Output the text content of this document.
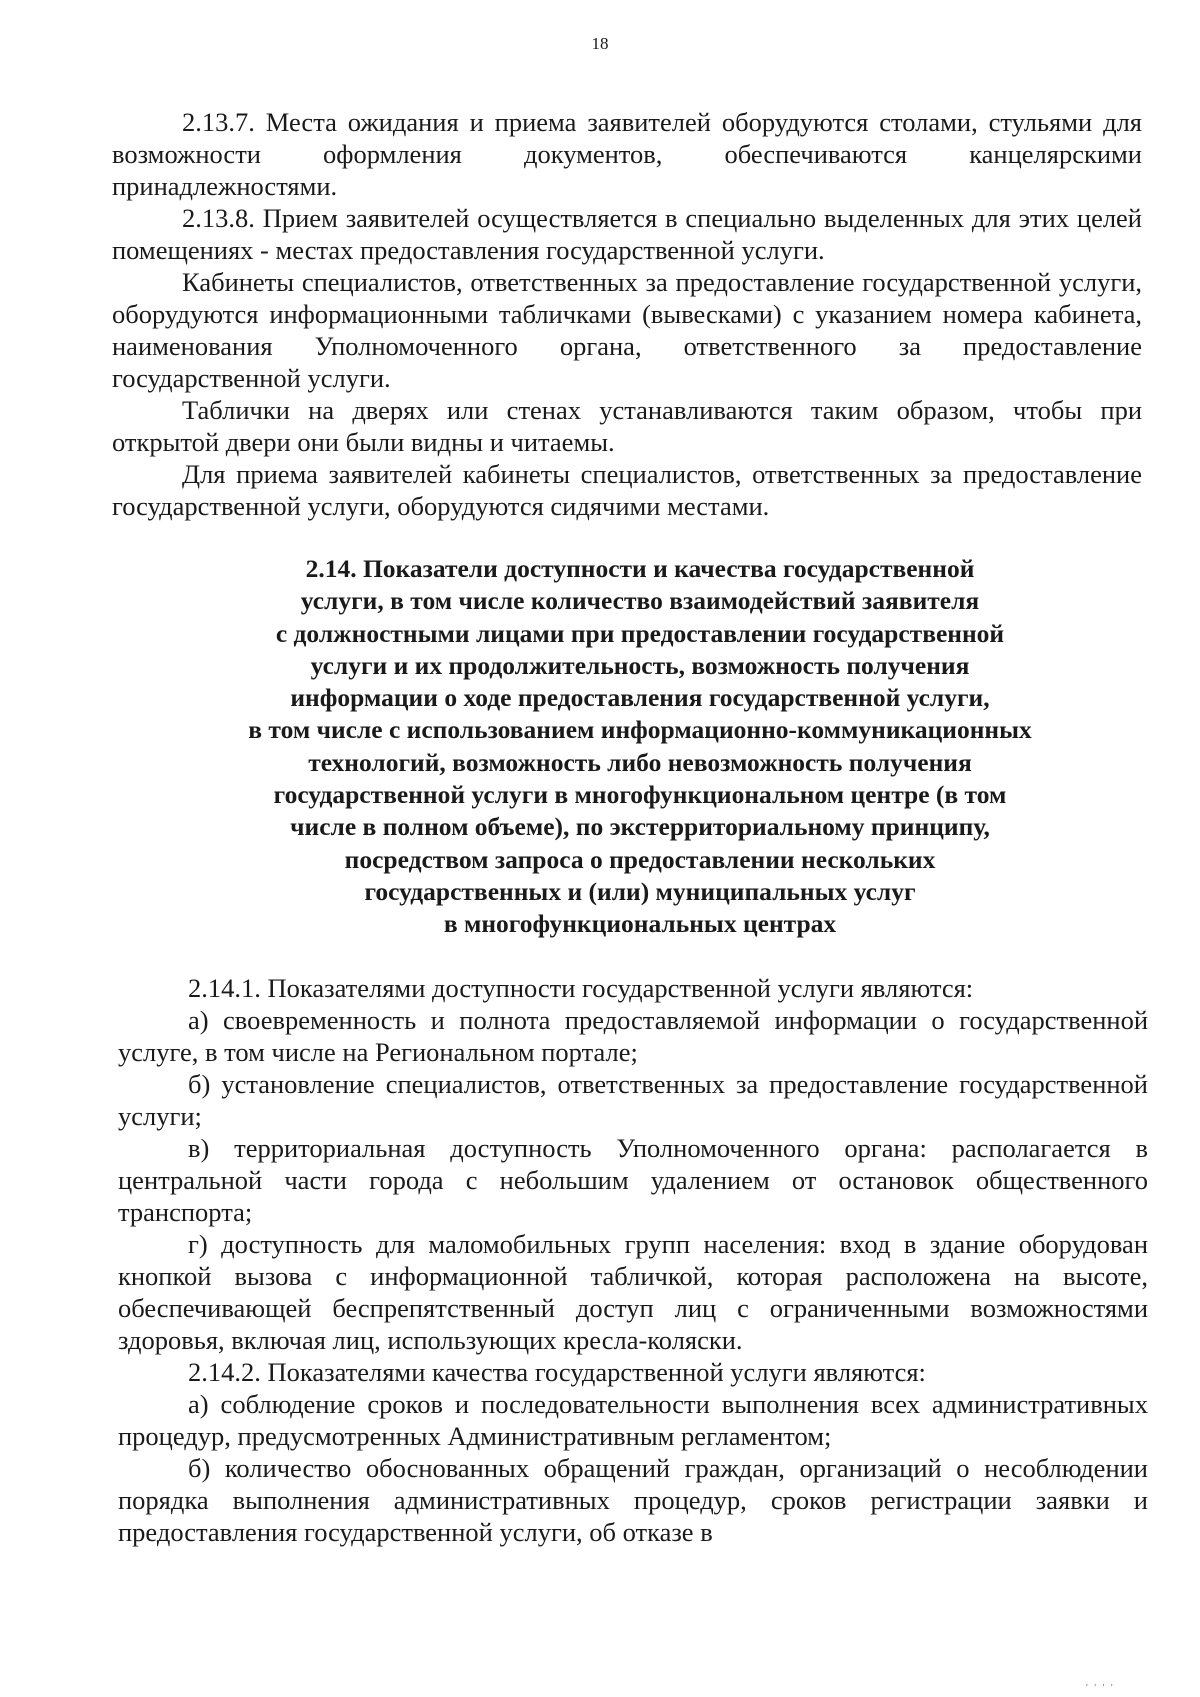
18

2.13.7. Места ожидания и приема заявителей оборудуются столами, стульями для возможности оформления документов, обеспечиваются канцелярскими принадлежностями.

2.13.8. Прием заявителей осуществляется в специально выделенных для этих целей помещениях - местах предоставления государственной услуги.

Кабинеты специалистов, ответственных за предоставление государственной услуги, оборудуются информационными табличками (вывесками) с указанием номера кабинета, наименования Уполномоченного органа, ответственного за предоставление государственной услуги.

Таблички на дверях или стенах устанавливаются таким образом, чтобы при открытой двери они были видны и читаемы.

Для приема заявителей кабинеты специалистов, ответственных за предоставление государственной услуги, оборудуются сидячими местами.

2.14. Показатели доступности и качества государственной
услуги, в том числе количество взаимодействий заявителя
с должностными лицами при предоставлении государственной
услуги и их продолжительность, возможность получения
информации о ходе предоставления государственной услуги,
в том числе с использованием информационно-коммуникационных
технологий, возможность либо невозможность получения
государственной услуги в многофункциональном центре (в том
числе в полном объеме), по экстерриториальному принципу,
посредством запроса о предоставлении нескольких
государственных и (или) муниципальных услуг
в многофункциональных центрах

2.14.1. Показателями доступности государственной услуги являются:

а) своевременность и полнота предоставляемой информации о государственной услуге, в том числе на Региональном портале;

б) установление специалистов, ответственных за предоставление государственной услуги;

в) территориальная доступность Уполномоченного органа: располагается в центральной части города с небольшим удалением от остановок общественного транспорта;

г) доступность для маломобильных групп населения: вход в здание оборудован кнопкой вызова с информационной табличкой, которая расположена на высоте, обеспечивающей беспрепятственный доступ лиц с ограниченными возможностями здоровья, включая лиц, использующих кресла-коляски.

2.14.2. Показателями качества государственной услуги являются:

а) соблюдение сроков и последовательности выполнения всех административных процедур, предусмотренных Административным регламентом;

б) количество обоснованных обращений граждан, организаций о несоблюдении порядка выполнения административных процедур, сроков регистрации заявки и предоставления государственной услуги, об отказе в

' ' ' '
